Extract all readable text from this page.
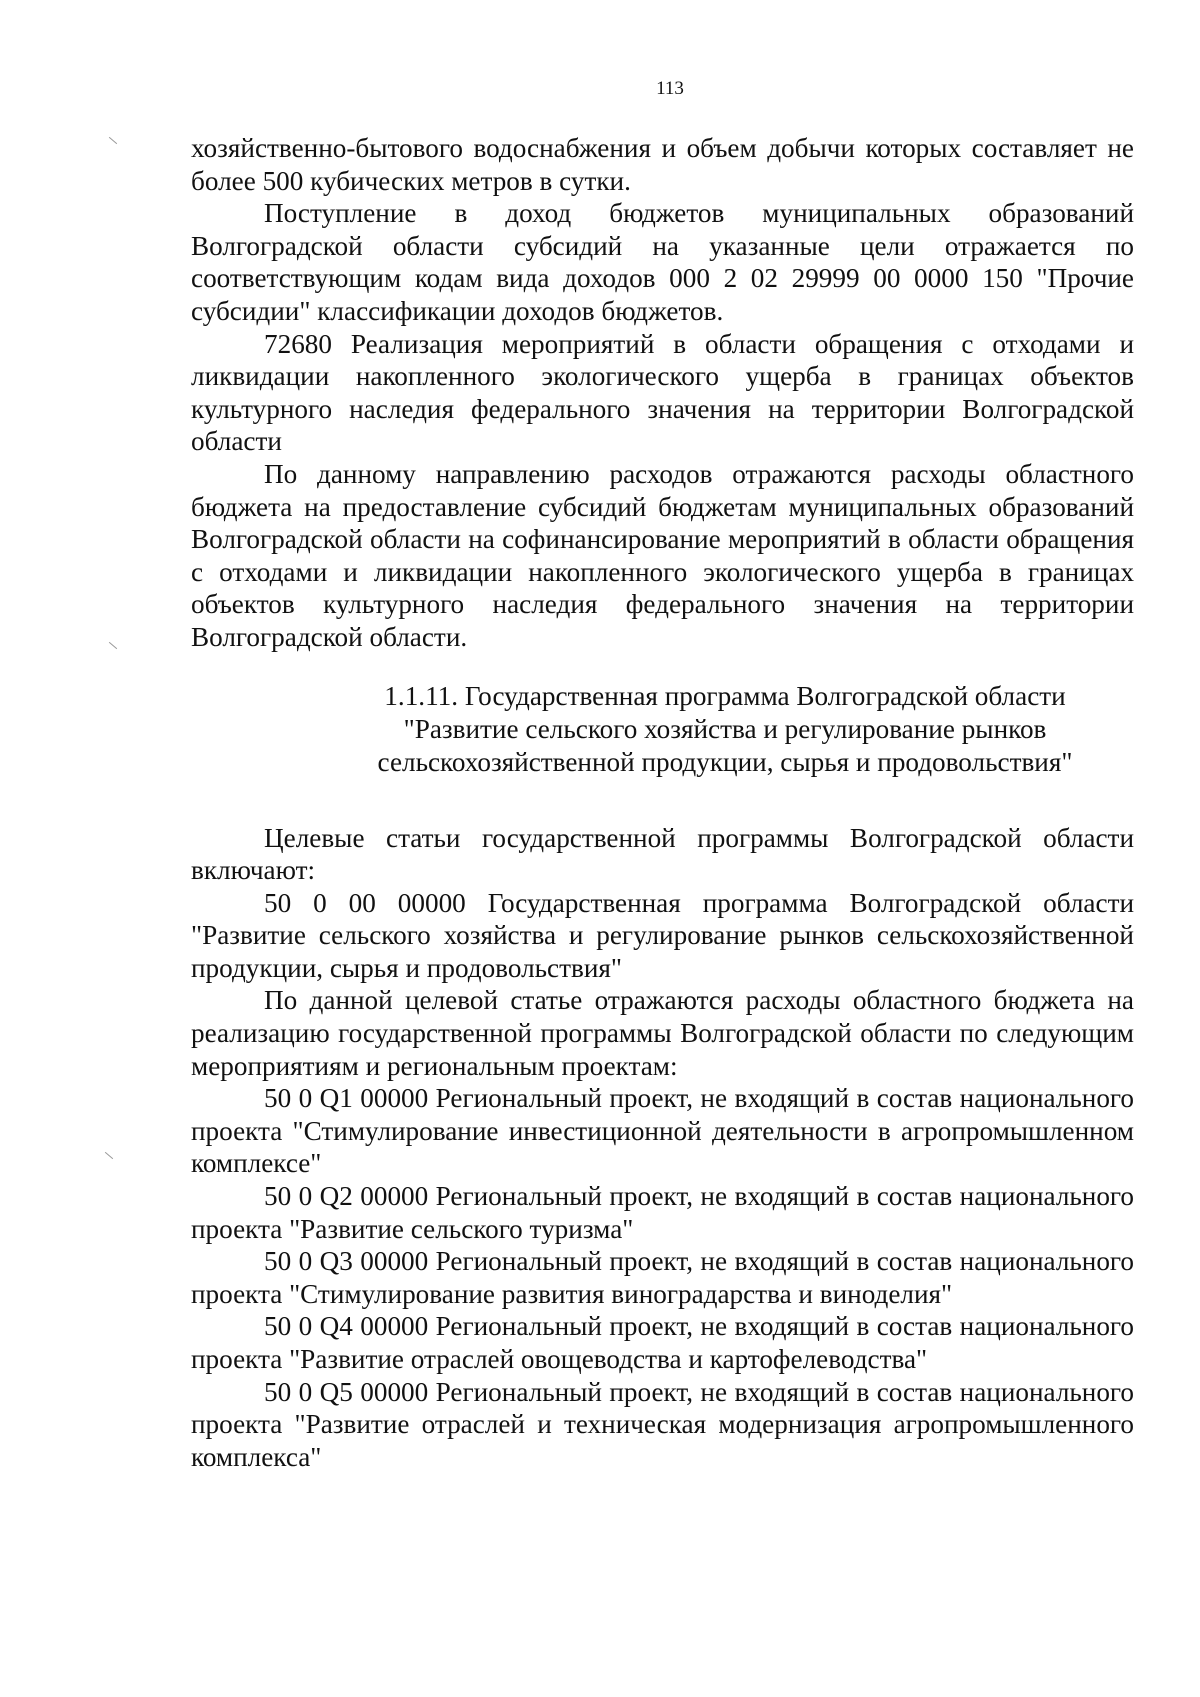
113

хозяйственно-бытового водоснабжения и объем добычи которых составляет не более 500 кубических метров в сутки.

Поступление в доход бюджетов муниципальных образований Волгоградской области субсидий на указанные цели отражается по соответствующим кодам вида доходов 000 2 02 29999 00 0000 150 "Прочие субсидии" классификации доходов бюджетов.

72680 Реализация мероприятий в области обращения с отходами и ликвидации накопленного экологического ущерба в границах объектов культурного наследия федерального значения на территории Волгоградской области

По данному направлению расходов отражаются расходы областного бюджета на предоставление субсидий бюджетам муниципальных образований Волгоградской области на софинансирование мероприятий в области обращения с отходами и ликвидации накопленного экологического ущерба в границах объектов культурного наследия федерального значения на территории Волгоградской области.

1.1.11. Государственная программа Волгоградской области
"Развитие сельского хозяйства и регулирование рынков
сельскохозяйственной продукции, сырья и продовольствия"

Целевые статьи государственной программы Волгоградской области включают:

50 0 00 00000 Государственная программа Волгоградской области "Развитие сельского хозяйства и регулирование рынков сельскохозяйственной продукции, сырья и продовольствия"

По данной целевой статье отражаются расходы областного бюджета на реализацию государственной программы Волгоградской области по следующим мероприятиям и региональным проектам:

50 0 Q1 00000 Региональный проект, не входящий в состав национального проекта "Стимулирование инвестиционной деятельности в агропромышленном комплексе"

50 0 Q2 00000 Региональный проект, не входящий в состав национального проекта "Развитие сельского туризма"

50 0 Q3 00000 Региональный проект, не входящий в состав национального проекта "Стимулирование развития виноградарства и виноделия"

50 0 Q4 00000 Региональный проект, не входящий в состав национального проекта "Развитие отраслей овощеводства и картофелеводства"

50 0 Q5 00000 Региональный проект, не входящий в состав национального проекта "Развитие отраслей и техническая модернизация агропромышленного комплекса"
